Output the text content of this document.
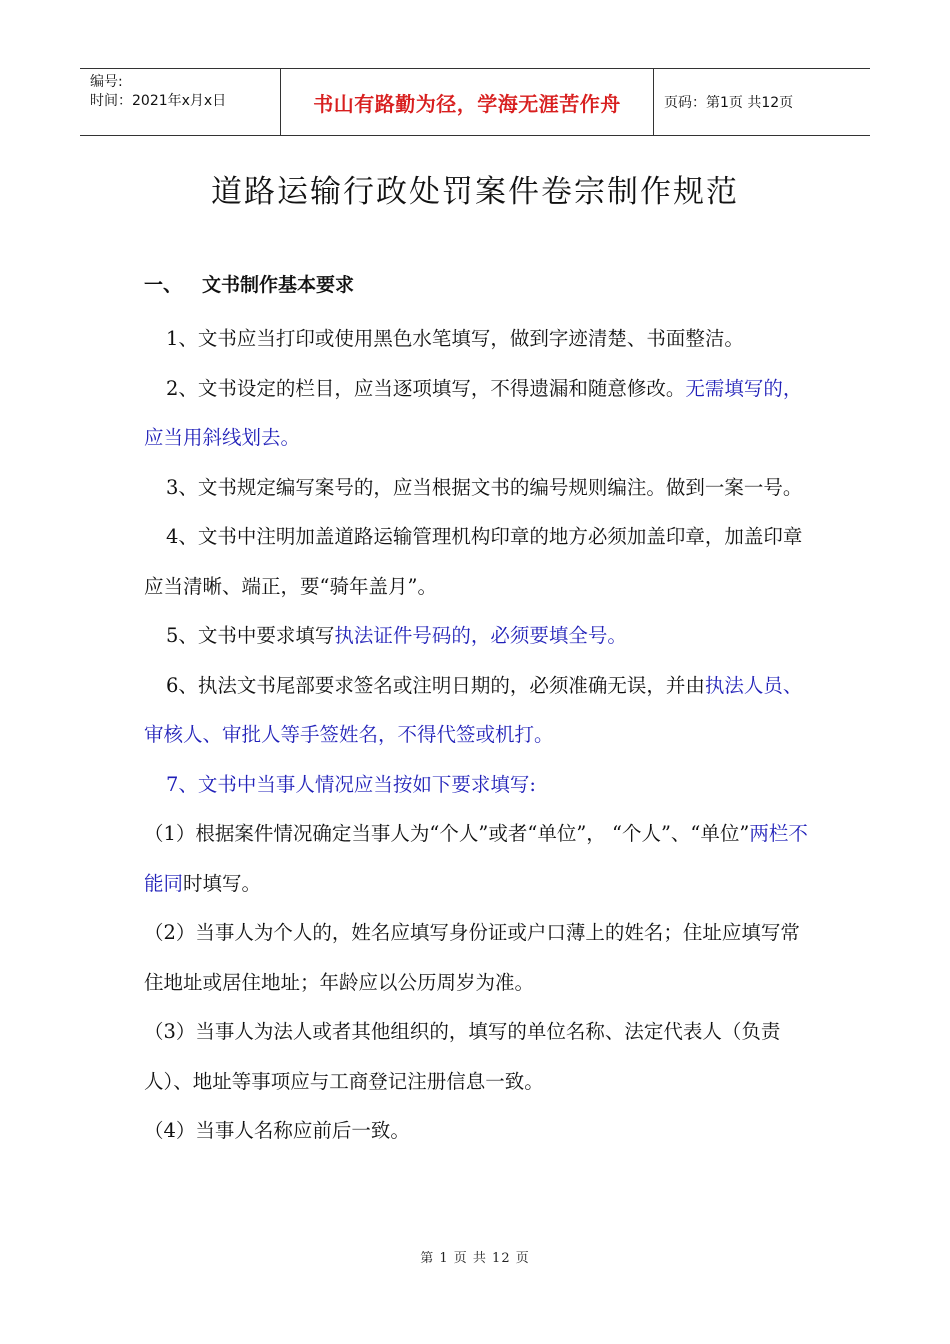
编号:
时间：2021年x月x日	书山有路勤为径，学海无涯苦作舟	页码：第1页 共12页
道路运输行政处罚案件卷宗制作规范
一、 文书制作基本要求

1、文书应当打印或使用黑色水笔填写，做到字迹清楚、书面整洁。

2、文书设定的栏目，应当逐项填写，不得遗漏和随意修改。无需填写的，应当用斜线划去。

3、文书规定编写案号的，应当根据文书的编号规则编注。做到一案一号。

4、文书中注明加盖道路运输管理机构印章的地方必须加盖印章，加盖印章应当清晰、端正，要“骑年盖月”。

5、文书中要求填写执法证件号码的，必须要填全号。

6、执法文书尾部要求签名或注明日期的，必须准确无误，并由执法人员、审核人、审批人等手签姓名，不得代签或机打。

7、文书中当事人情况应当按如下要求填写:

（1）根据案件情况确定当事人为“个人”或者“单位”， “个人”、“单位”两栏不能同时填写。

（2）当事人为个人的，姓名应填写身份证或户口薄上的姓名；住址应填写常住地址或居住地址；年龄应以公历周岁为准。

（3）当事人为法人或者其他组织的，填写的单位名称、法定代表人（负责人）、地址等事项应与工商登记注册信息一致。

（4）当事人名称应前后一致。

第 1 页 共 12 页
